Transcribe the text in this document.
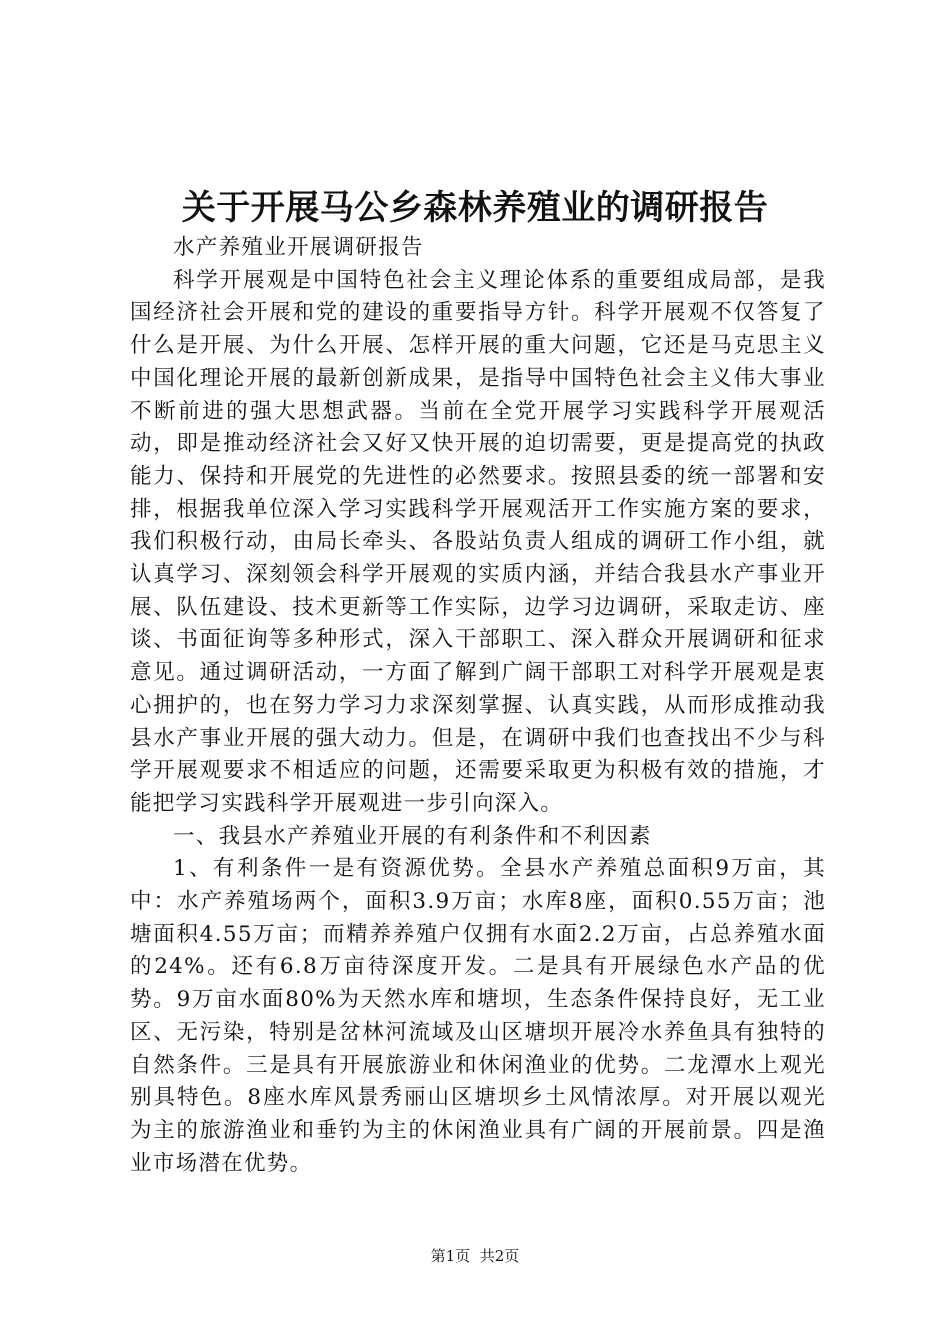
关于开展马公乡森林养殖业的调研报告

水产养殖业开展调研报告

科学开展观是中国特色社会主义理论体系的重要组成局部，是我国经济社会开展和党的建设的重要指导方针。科学开展观不仅答复了什么是开展、为什么开展、怎样开展的重大问题，它还是马克思主义中国化理论开展的最新创新成果，是指导中国特色社会主义伟大事业不断前进的强大思想武器。当前在全党开展学习实践科学开展观活动，即是推动经济社会又好又快开展的迫切需要，更是提高党的执政能力、保持和开展党的先进性的必然要求。按照县委的统一部署和安排，根据我单位深入学习实践科学开展观活开工作实施方案的要求，我们积极行动，由局长牵头、各股站负责人组成的调研工作小组，就认真学习、深刻领会科学开展观的实质内涵，并结合我县水产事业开展、队伍建设、技术更新等工作实际，边学习边调研，采取走访、座谈、书面征询等多种形式，深入干部职工、深入群众开展调研和征求意见。通过调研活动，一方面了解到广阔干部职工对科学开展观是衷心拥护的，也在努力学习力求深刻掌握、认真实践，从而形成推动我县水产事业开展的强大动力。但是，在调研中我们也查找出不少与科学开展观要求不相适应的问题，还需要采取更为积极有效的措施，才能把学习实践科学开展观进一步引向深入。

一、我县水产养殖业开展的有利条件和不利因素

1、有利条件一是有资源优势。全县水产养殖总面积9万亩，其中：水产养殖场两个，面积3.9万亩；水库8座，面积0.55万亩；池塘面积4.55万亩；而精养养殖户仅拥有水面2.2万亩，占总养殖水面的24%。还有6.8万亩待深度开发。二是具有开展绿色水产品的优势。9万亩水面80%为天然水库和塘坝，生态条件保持良好，无工业区、无污染，特别是岔林河流域及山区塘坝开展冷水养鱼具有独特的自然条件。三是具有开展旅游业和休闲渔业的优势。二龙潭水上观光别具特色。8座水库风景秀丽山区塘坝乡土风情浓厚。对开展以观光为主的旅游渔业和垂钓为主的休闲渔业具有广阔的开展前景。四是渔业市场潜在优势。

第1页 共2页
